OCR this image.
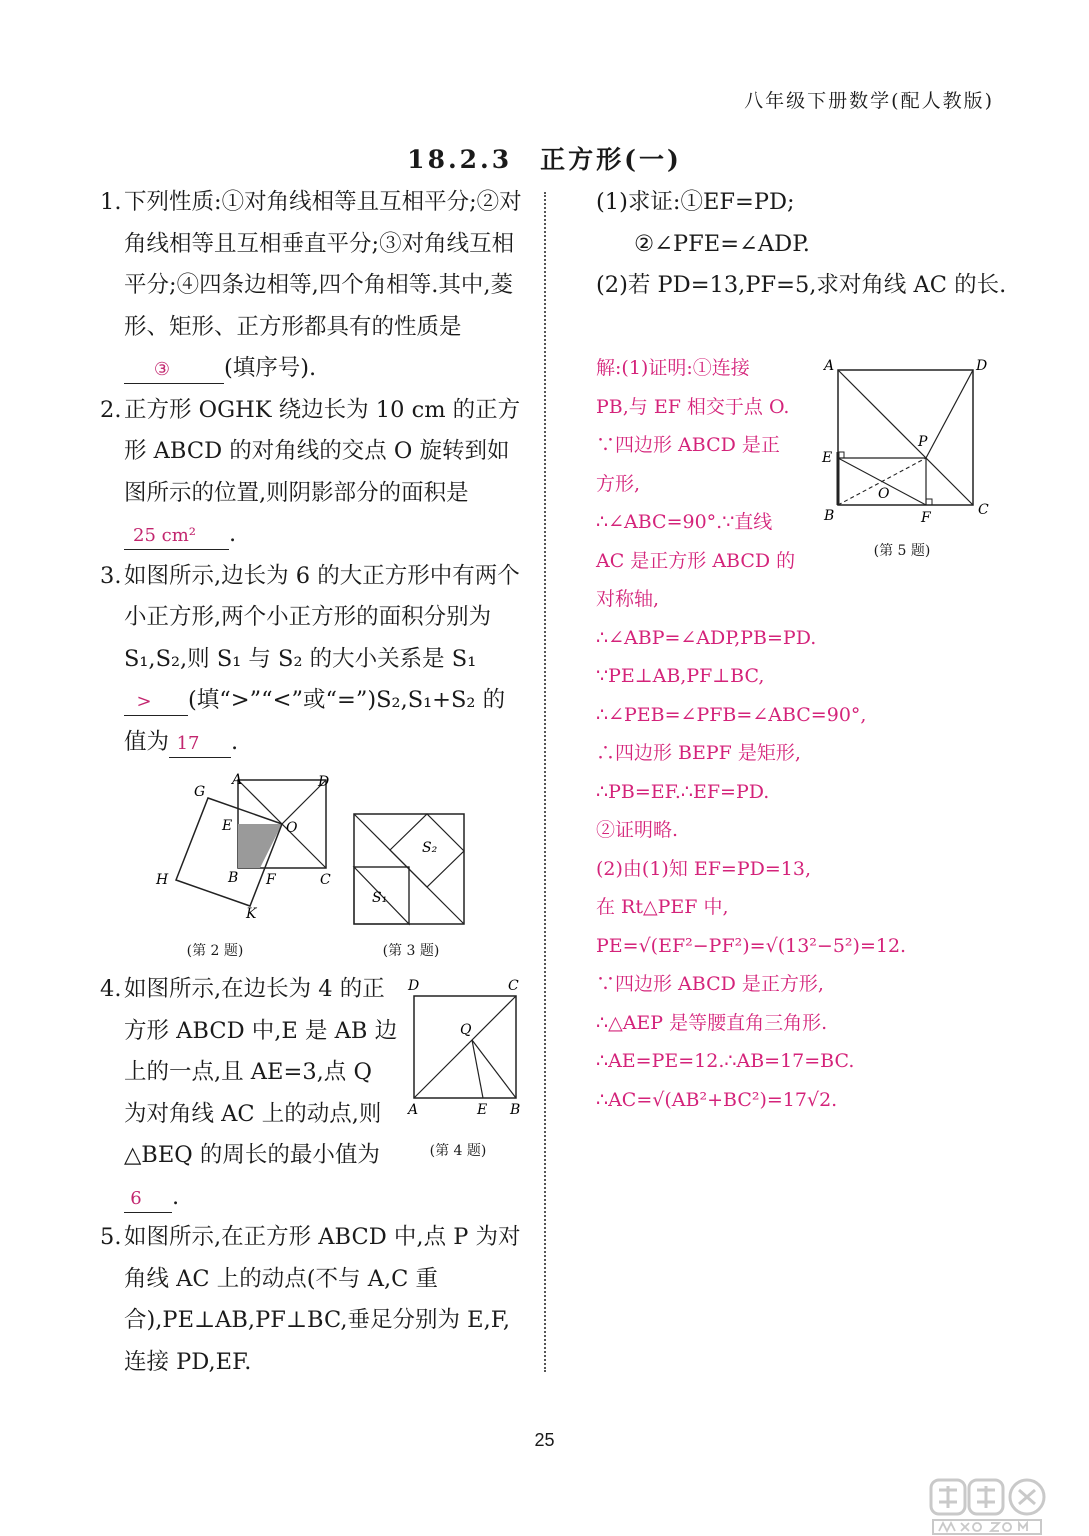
八年级下册数学(配人教版)
18.2.3　正方形(一)

1. 下列性质:①对角线相等且互相平分;②对角线相等且互相垂直平分;③对角线互相平分;④四条边相等,四个角相等.其中,菱形、矩形、正方形都具有的性质是③ (填序号).

2. 正方形 OGHK 绕边长为 10 cm 的正方形 ABCD 的对角线的交点 O 旋转到如图所示的位置,则阴影部分的面积是25 cm² .

3. 如图所示,边长为 6 的大正方形中有两个小正方形,两个小正方形的面积分别为 S₁,S₂,则 S₁ 与 S₂ 的大小关系是 S₁> (填“>”“<”或“=”)S₂,S₁+S₂ 的值为 17 .

G
A	D
E	O
H	B F	C
K
(第 2 题)
S₂
S₁
(第 3 题)

4. 如图所示,在边长为 4 的正方形 ABCD 中,E 是 AB 边上的一点,且 AE=3,点 Q 为对角线 AC 上的动点,则△BEQ 的周长的最小值为6 .

D	C
Q
A	E B
(第 4 题)

5. 如图所示,在正方形 ABCD 中,点 P 为对角线 AC 上的动点(不与 A,C 重合),PE⊥AB,PF⊥BC,垂足分别为 E,F,连接 PD,EF.

(1)求证:①EF=PD;

②∠PFE=∠ADP.

(2)若 PD=13,PF=5,求对角线 AC 的长.

解:(1)证明:①连接

PB,与 EF 相交于点 O.

∵四边形 ABCD 是正

方形,

∴∠ABC=90°.∵直线

AC 是正方形 ABCD 的

对称轴,

∴∠ABP=∠ADP,PB=PD.

∵PE⊥AB,PF⊥BC,

∴∠PEB=∠PFB=∠ABC=90°,

∴四边形 BEPF 是矩形,

∴PB=EF.∴EF=PD.

②证明略.

(2)由(1)知 EF=PD=13,

在 Rt△PEF 中,

PE=√(EF²−PF²)=√(13²−5²)=12.

∵四边形 ABCD 是正方形,

∴△AEP 是等腰直角三角形.

∴AE=PE=12.∴AB=17=BC.

∴AC=√(AB²+BC²)=17√2.

A	D
P
E
O
B	F	C
(第 5 题)
25
